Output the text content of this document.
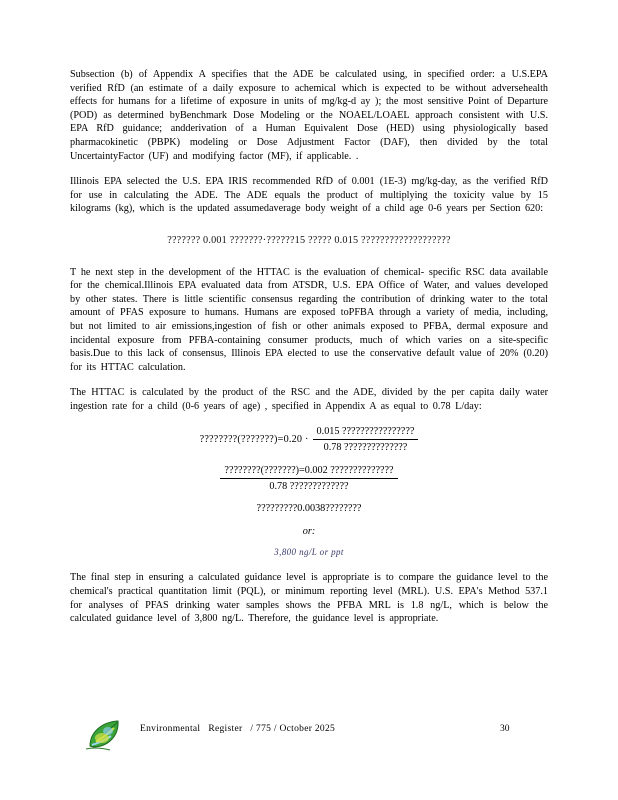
Subsection (b) of Appendix A specifies that the ADE be calculated using, in specified order: a U.S.EPA verified RfD (an estimate of a daily exposure to achemical which is expected to be without adversehealth effects for humans for a lifetime of exposure in units of mg/kg-d ay ); the most sensitive Point of Departure (POD) as determined byBenchmark Dose Modeling or the NOAEL/LOAEL approach consistent with U.S. EPA RfD guidance; andderivation of a Human Equivalent Dose (HED) using physiologically based pharmacokinetic (PBPK) modeling or Dose Adjustment Factor (DAF), then divided by the total UncertaintyFactor (UF) and modifying factor (MF), if applicable. .

Illinois EPA selected the U.S. EPA IRIS recommended RfD of 0.001 (1E-3) mg/kg-day, as the verified RfD for use in calculating the ADE. The ADE equals the product of multiplying the toxicity value by 15 kilograms (kg), which is the updated assumedaverage body weight of a child age 0-6 years per Section 620:

??????? 0.001 ???????·??????15 ????? 0.015 ???????????????????

T he next step in the development of the HTTAC is the evaluation of chemical- specific RSC data available for the chemical.Illinois EPA evaluated data from ATSDR, U.S. EPA Office of Water, and values developed by other states. There is little scientific consensus regarding the contribution of drinking water to the total amount of PFAS exposure to humans. Humans are exposed toPFBA through a variety of media, including, but not limited to air emissions,ingestion of fish or other animals exposed to PFBA, dermal exposure and incidental exposure from PFBA-containing consumer products, much of which varies on a site-specific basis.Due to this lack of consensus, Illinois EPA elected to use the conservative default value of 20% (0.20) for its HTTAC calculation.

The HTTAC is calculated by the product of the RSC and the ADE, divided by the per capita daily water ingestion rate for a child (0-6 years of age) , specified in Appendix A as equal to 0.78 L/day:

????????(???????)=0.20 · $\frac{0.015 ????????????????}{0.78 ??????????????}$
$\frac{????????(???????)=0.002 ??????????????}{0.78 ?????????????}$
?????????0.0038????????
or:
3,800 ng/L or ppt

The final step in ensuring a calculated guidance level is appropriate is to compare the guidance level to the chemical's practical quantitation limit (PQL), or minimum reporting level (MRL). U.S. EPA's Method 537.1 for analyses of PFAS drinking water samples shows the PFBA MRL is 1.8 ng/L, which is below the calculated guidance level of 3,800 ng/L. Therefore, the guidance level is appropriate.

Environmental Register / 775 / October 2025	30
